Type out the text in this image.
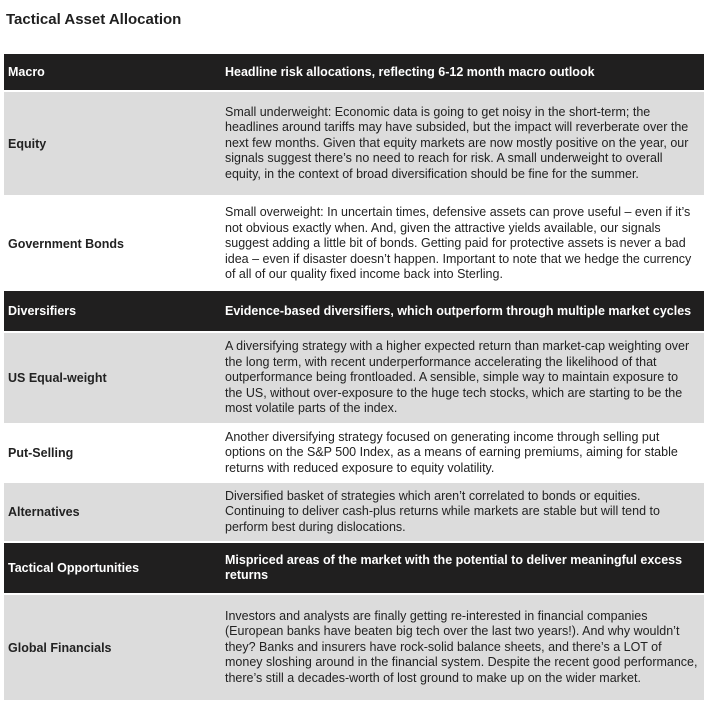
Tactical Asset Allocation
Macro	Headline risk allocations, reflecting 6-12 month macro outlook
Equity
Small underweight: Economic data is going to get noisy in the short-term; the headlines around tariffs may have subsided, but the impact will reverberate over the next few months. Given that equity markets are now mostly positive on the year, our signals suggest there’s no need to reach for risk. A small underweight to overall equity, in the context of broad diversification should be fine for the summer.
Government Bonds
Small overweight: In uncertain times, defensive assets can prove useful – even if it’s not obvious exactly when. And, given the attractive yields available, our signals suggest adding a little bit of bonds. Getting paid for protective assets is never a bad idea – even if disaster doesn’t happen. Important to note that we hedge the currency of all of our quality fixed income back into Sterling.
Diversifiers	Evidence-based diversifiers, which outperform through multiple market cycles
US Equal-weight
A diversifying strategy with a higher expected return than market-cap weighting over the long term, with recent underperformance accelerating the likelihood of that outperformance being frontloaded. A sensible, simple way to maintain exposure to the US, without over-exposure to the huge tech stocks, which are starting to be the most volatile parts of the index.
Put-Selling
Another diversifying strategy focused on generating income through selling put options on the S&P 500 Index, as a means of earning premiums, aiming for stable returns with reduced exposure to equity volatility.
Alternatives
Diversified basket of strategies which aren’t correlated to bonds or equities. Continuing to deliver cash-plus returns while markets are stable but will tend to perform best during dislocations.
Tactical Opportunities
Mispriced areas of the market with the potential to deliver meaningful excess returns
Global Financials
Investors and analysts are finally getting re-interested in financial companies (European banks have beaten big tech over the last two years!). And why wouldn’t they? Banks and insurers have rock-solid balance sheets, and there’s a LOT of money sloshing around in the financial system. Despite the recent good performance, there’s still a decades-worth of lost ground to make up on the wider market.
